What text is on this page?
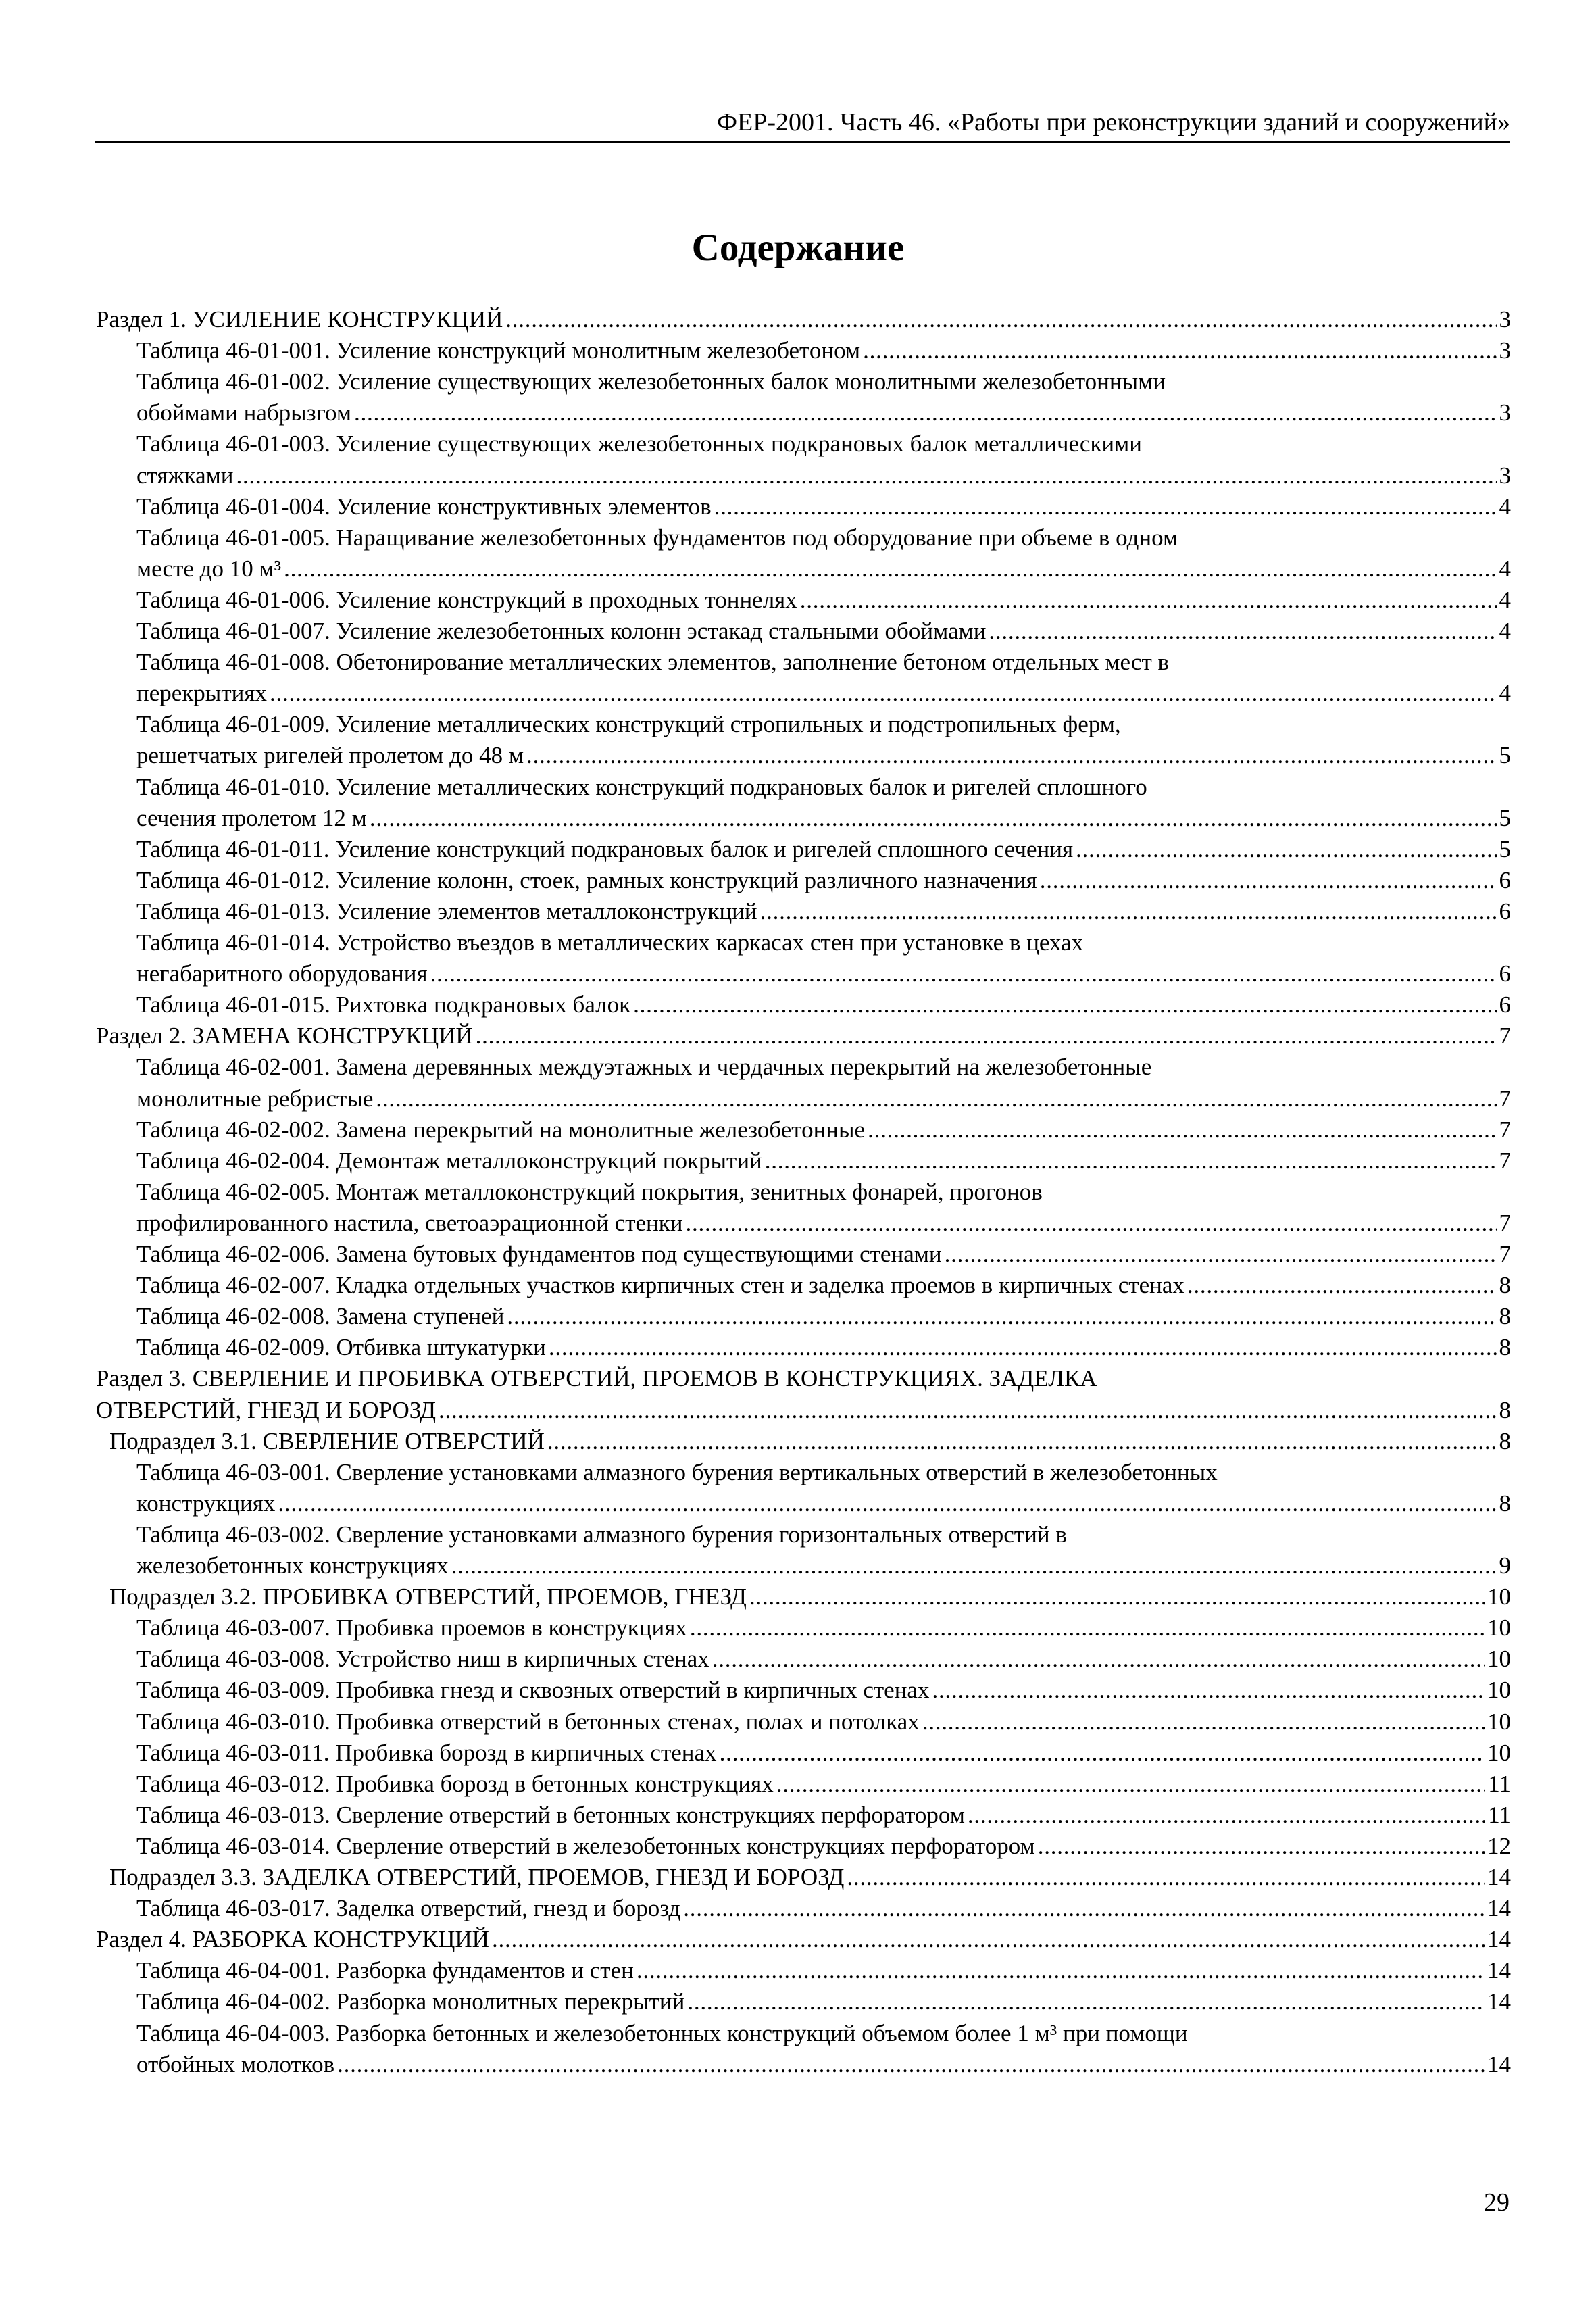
ФЕР-2001. Часть 46. «Работы при реконструкции зданий и сооружений»
Содержание
Раздел 1. УСИЛЕНИЕ КОНСТРУКЦИЙ . . .	3
Таблица 46-01-001. Усиление конструкций монолитным железобетоном . . .	3
Таблица 46-01-002. Усиление существующих железобетонных балок монолитными железобетонными
обоймами набрызгом . . .	3
Таблица 46-01-003. Усиление существующих железобетонных подкрановых балок металлическими
стяжками . . .	3
Таблица 46-01-004. Усиление конструктивных элементов . . .	4
Таблица 46-01-005. Наращивание железобетонных фундаментов под оборудование при объеме в одном
месте до 10 м³ . . .	4
Таблица 46-01-006. Усиление конструкций в проходных тоннелях . . .	4
Таблица 46-01-007. Усиление железобетонных колонн эстакад стальными обоймами . . .	4
Таблица 46-01-008. Обетонирование металлических элементов, заполнение бетоном отдельных мест в
перекрытиях . . .	4
Таблица 46-01-009. Усиление металлических конструкций стропильных и подстропильных ферм,
решетчатых ригелей пролетом до 48 м . . .	5
Таблица 46-01-010. Усиление металлических конструкций подкрановых балок и ригелей сплошного
сечения пролетом 12 м . . .	5
Таблица 46-01-011. Усиление конструкций подкрановых балок и ригелей сплошного сечения . . .	5
Таблица 46-01-012. Усиление колонн, стоек, рамных конструкций различного назначения . . .	6
Таблица 46-01-013. Усиление элементов металлоконструкций . . .	6
Таблица 46-01-014. Устройство въездов в металлических каркасах стен при установке в цехах
негабаритного оборудования . . .	6
Таблица 46-01-015. Рихтовка подкрановых балок . . .	6
Раздел 2. ЗАМЕНА КОНСТРУКЦИЙ . . .	7
Таблица 46-02-001. Замена деревянных междуэтажных и чердачных перекрытий на железобетонные
монолитные ребристые . . .	7
Таблица 46-02-002. Замена перекрытий на монолитные железобетонные . . .	7
Таблица 46-02-004. Демонтаж металлоконструкций покрытий . . .	7
Таблица 46-02-005. Монтаж металлоконструкций покрытия, зенитных фонарей, прогонов
профилированного настила, светоаэрационной стенки . . .	7
Таблица 46-02-006. Замена бутовых фундаментов под существующими стенами . . .	7
Таблица 46-02-007. Кладка отдельных участков кирпичных стен и заделка проемов в кирпичных стенах . . .	8
Таблица 46-02-008. Замена ступеней . . .	8
Таблица 46-02-009. Отбивка штукатурки . . .	8
Раздел 3. СВЕРЛЕНИЕ И ПРОБИВКА ОТВЕРСТИЙ, ПРОЕМОВ В КОНСТРУКЦИЯХ. ЗАДЕЛКА
ОТВЕРСТИЙ, ГНЕЗД И БОРОЗД . . .	8
Подраздел 3.1. СВЕРЛЕНИЕ ОТВЕРСТИЙ . . .	8
Таблица 46-03-001. Сверление установками алмазного бурения вертикальных отверстий в железобетонных
конструкциях . . .	8
Таблица 46-03-002. Сверление установками алмазного бурения горизонтальных отверстий в
железобетонных конструкциях . . .	9
Подраздел 3.2. ПРОБИВКА ОТВЕРСТИЙ, ПРОЕМОВ, ГНЕЗД . . .	10
Таблица 46-03-007. Пробивка проемов в конструкциях . . .	10
Таблица 46-03-008. Устройство ниш в кирпичных стенах . . .	10
Таблица 46-03-009. Пробивка гнезд и сквозных отверстий в кирпичных стенах . . .	10
Таблица 46-03-010. Пробивка отверстий в бетонных стенах, полах и потолках . . .	10
Таблица 46-03-011. Пробивка борозд в кирпичных стенах . . .	10
Таблица 46-03-012. Пробивка борозд в бетонных конструкциях . . .	11
Таблица 46-03-013. Сверление отверстий в бетонных конструкциях перфоратором . . .	11
Таблица 46-03-014. Сверление отверстий в железобетонных конструкциях перфоратором . . .	12
Подраздел 3.3. ЗАДЕЛКА ОТВЕРСТИЙ, ПРОЕМОВ, ГНЕЗД И БОРОЗД . . .	14
Таблица 46-03-017. Заделка отверстий, гнезд и борозд . . .	14
Раздел 4. РАЗБОРКА КОНСТРУКЦИЙ . . .	14
Таблица 46-04-001. Разборка фундаментов и стен . . .	14
Таблица 46-04-002. Разборка монолитных перекрытий . . .	14
Таблица 46-04-003. Разборка бетонных и железобетонных конструкций объемом более 1 м³ при помощи
отбойных молотков . . .	14
29
